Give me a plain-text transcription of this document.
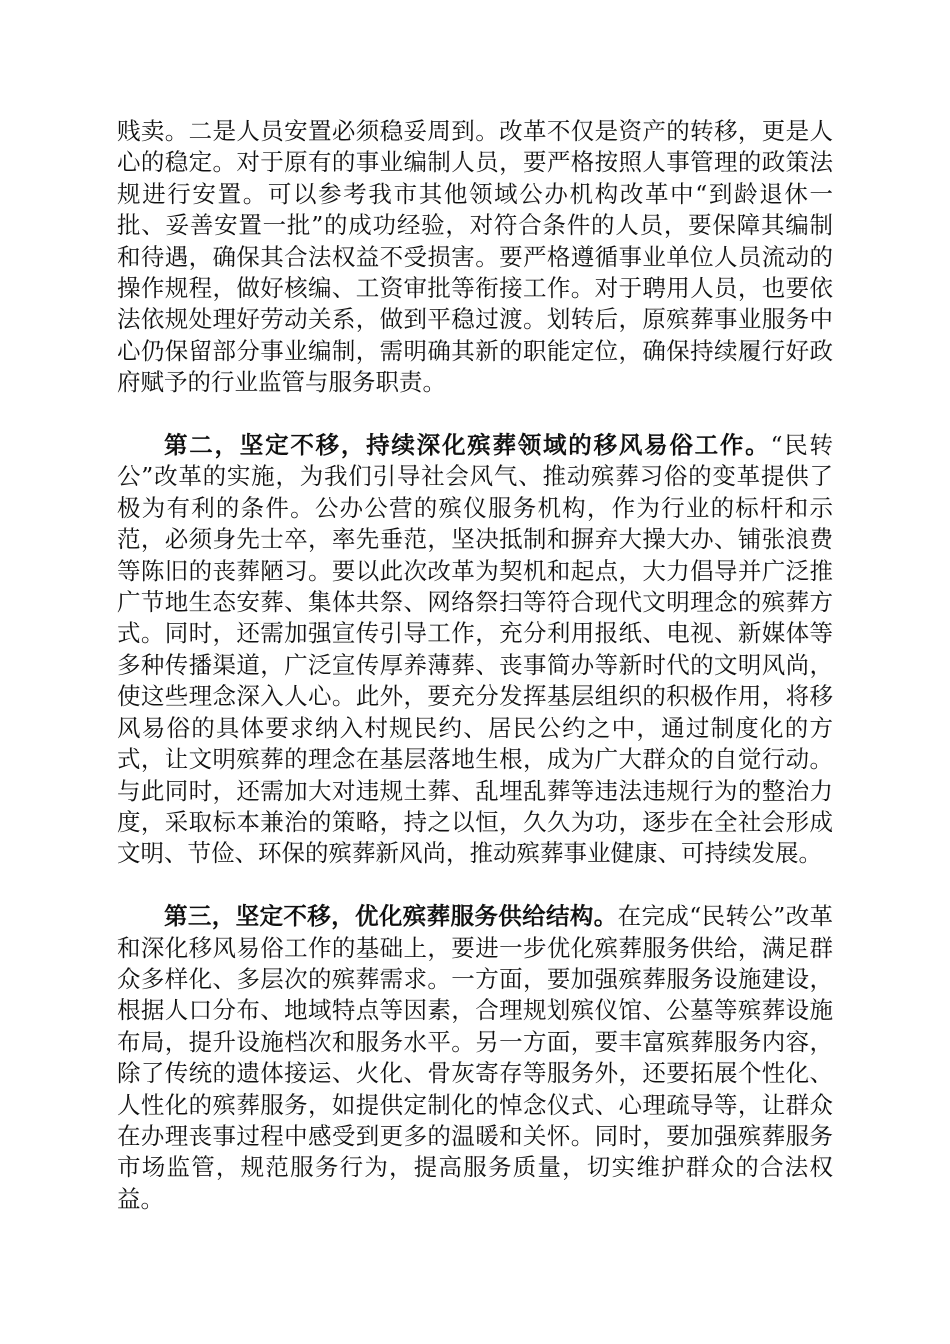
贱卖。二是人员安置必须稳妥周到。改革不仅是资产的转移，更是人心的稳定。对于原有的事业编制人员，要严格按照人事管理的政策法规进行安置。可以参考我市其他领域公办机构改革中“到龄退休一批、妥善安置一批”的成功经验，对符合条件的人员，要保障其编制和待遇，确保其合法权益不受损害。要严格遵循事业单位人员流动的操作规程，做好核编、工资审批等衔接工作。对于聘用人员，也要依法依规处理好劳动关系，做到平稳过渡。划转后，原殡葬事业服务中心仍保留部分事业编制，需明确其新的职能定位，确保持续履行好政府赋予的行业监管与服务职责。

第二，坚定不移，持续深化殡葬领域的移风易俗工作。“民转公”改革的实施，为我们引导社会风气、推动殡葬习俗的变革提供了极为有利的条件。公办公营的殡仪服务机构，作为行业的标杆和示范，必须身先士卒，率先垂范，坚决抵制和摒弃大操大办、铺张浪费等陈旧的丧葬陋习。要以此次改革为契机和起点，大力倡导并广泛推广节地生态安葬、集体共祭、网络祭扫等符合现代文明理念的殡葬方式。同时，还需加强宣传引导工作，充分利用报纸、电视、新媒体等多种传播渠道，广泛宣传厚养薄葬、丧事简办等新时代的文明风尚，使这些理念深入人心。此外，要充分发挥基层组织的积极作用，将移风易俗的具体要求纳入村规民约、居民公约之中，通过制度化的方式，让文明殡葬的理念在基层落地生根，成为广大群众的自觉行动。与此同时，还需加大对违规土葬、乱埋乱葬等违法违规行为的整治力度，采取标本兼治的策略，持之以恒，久久为功，逐步在全社会形成文明、节俭、环保的殡葬新风尚，推动殡葬事业健康、可持续发展。

第三，坚定不移，优化殡葬服务供给结构。在完成“民转公”改革和深化移风易俗工作的基础上，要进一步优化殡葬服务供给，满足群众多样化、多层次的殡葬需求。一方面，要加强殡葬服务设施建设，根据人口分布、地域特点等因素，合理规划殡仪馆、公墓等殡葬设施布局，提升设施档次和服务水平。另一方面，要丰富殡葬服务内容，除了传统的遗体接运、火化、骨灰寄存等服务外，还要拓展个性化、人性化的殡葬服务，如提供定制化的悼念仪式、心理疏导等，让群众在办理丧事过程中感受到更多的温暖和关怀。同时，要加强殡葬服务市场监管，规范服务行为，提高服务质量，切实维护群众的合法权益。
